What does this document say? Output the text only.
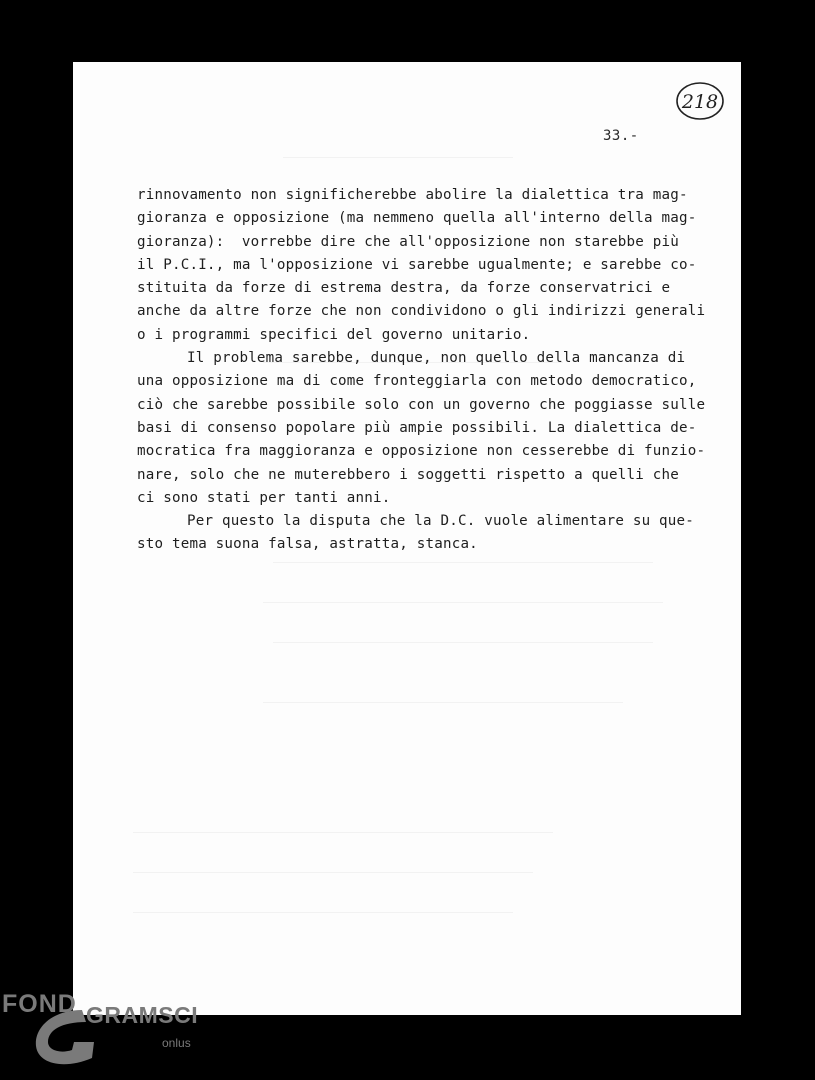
218
33.-
rinnovamento non significherebbe abolire la dialettica tra mag-
gioranza e opposizione (ma nemmeno quella all'interno della mag-
gioranza):  vorrebbe dire che all'opposizione non starebbe più
il P.C.I., ma l'opposizione vi sarebbe ugualmente; e sarebbe co-
stituita da forze di estrema destra, da forze conservatrici e
anche da altre forze che non condividono o gli indirizzi generali
o i programmi specifici del governo unitario.
Il problema sarebbe, dunque, non quello della mancanza di
una opposizione ma di come fronteggiarla con metodo democratico,
ciò che sarebbe possibile solo con un governo che poggiasse sulle
basi di consenso popolare più ampie possibili. La dialettica de-
mocratica fra maggioranza e opposizione non cesserebbe di funzio-
nare, solo che ne muterebbero i soggetti rispetto a quelli che
ci sono stati per tanti anni.
Per questo la disputa che la D.C. vuole alimentare su que-
sto tema suona falsa, astratta, stanca.
FOND GRAMSCI
onlus
